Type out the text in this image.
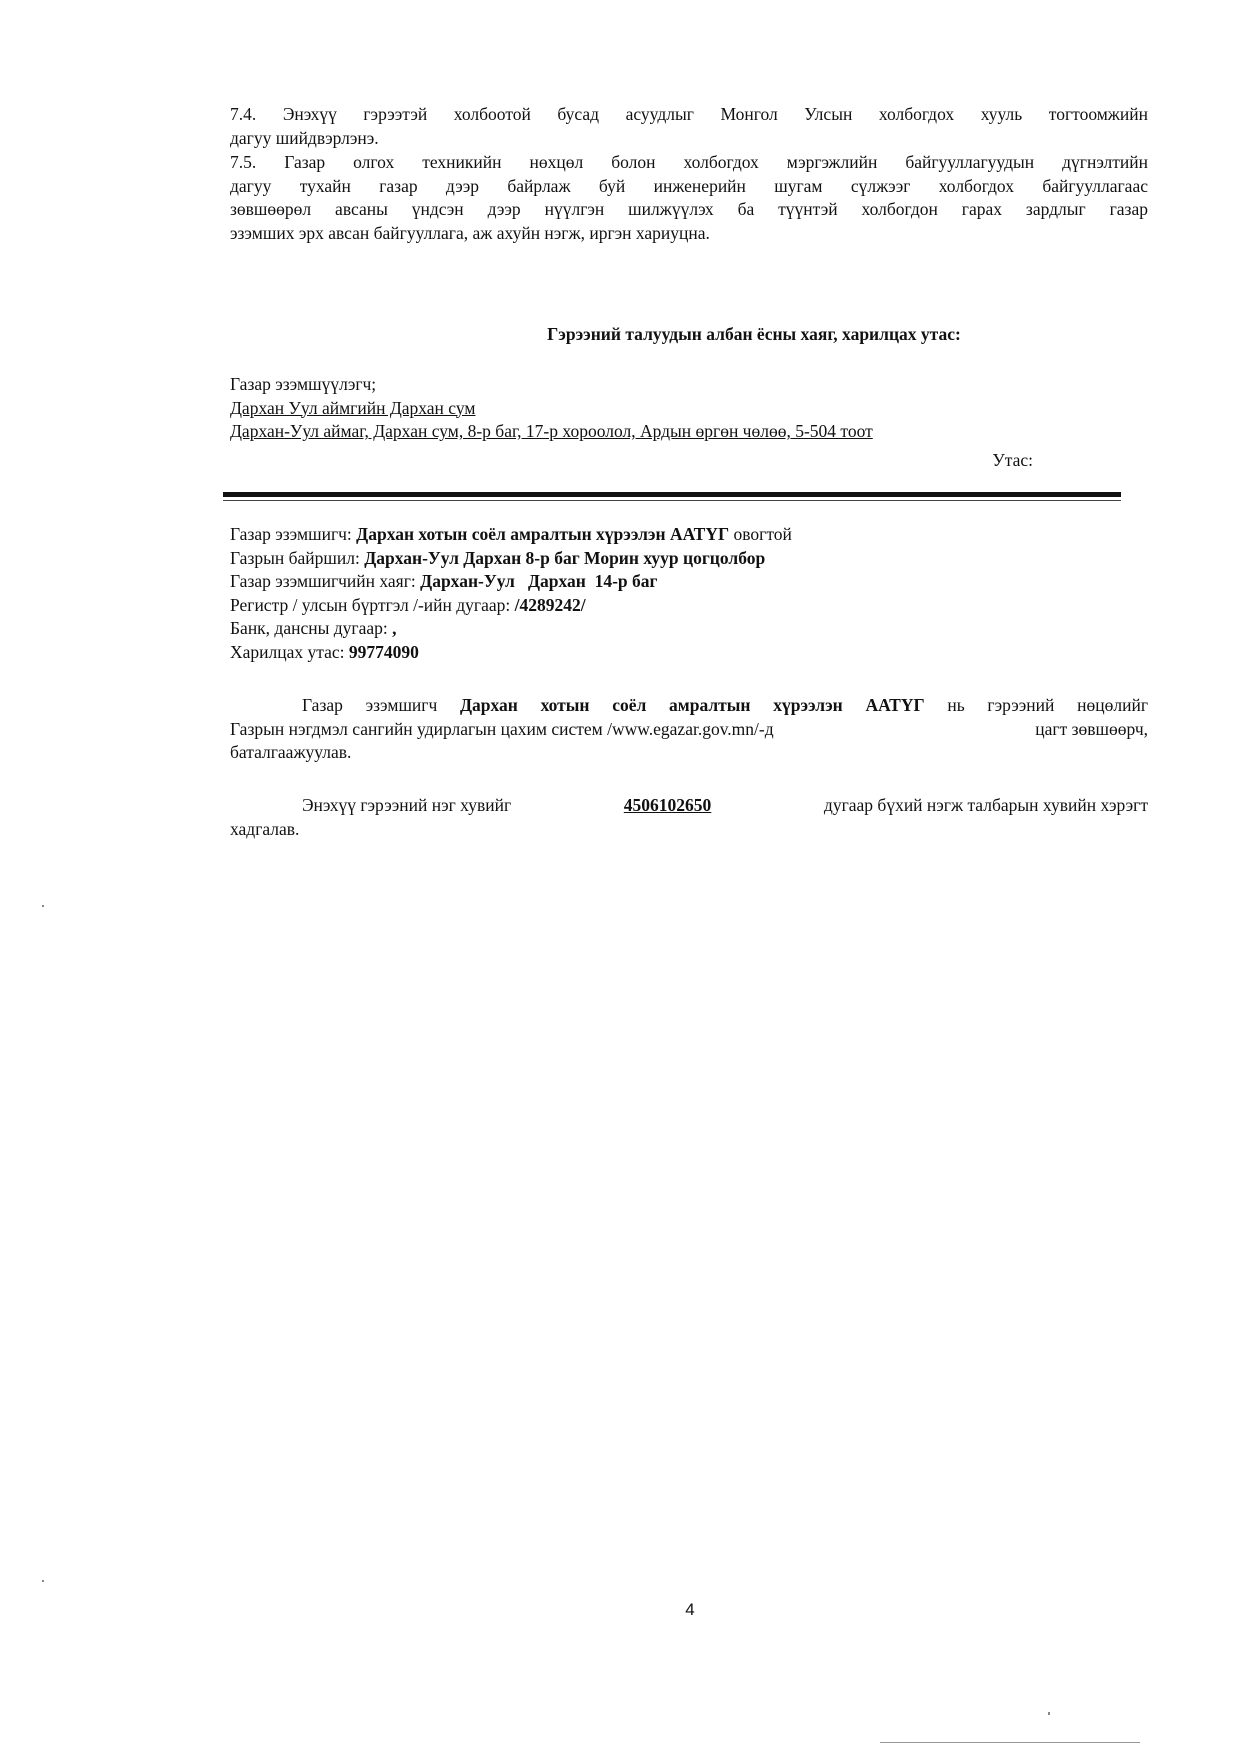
7.4. Энэхүү гэрээтэй холбоотой бусад асуудлыг Монгол Улсын холбогдох хууль тогтоомжийн
дагуу шийдвэрлэнэ.
7.5. Газар олгох техникийн нөхцөл болон холбогдох мэргэжлийн байгууллагуудын дүгнэлтийн
дагуу тухайн газар дээр байрлаж буй инженерийн шугам сүлжээг холбогдох байгууллагаас
зөвшөөрөл авсаны үндсэн дээр нүүлгэн шилжүүлэх ба түүнтэй холбогдон гарах зардлыг газар
эзэмших эрх авсан байгууллага, аж ахуйн нэгж, иргэн хариуцна.
Гэрээний талуудын албан ёсны хаяг, харилцах утас:
Газар эзэмшүүлэгч;
Дархан Уул аймгийн Дархан сум
Дархан-Уул аймаг, Дархан сум, 8-р баг, 17-р хороолол, Ардын өргөн чөлөө, 5-504 тоот
Утас:
Газар эзэмшигч: Дархан хотын соёл амралтын хүрээлэн ААТҮГ овогтой
Газрын байршил: Дархан-Уул Дархан 8-р баг Морин хуур цогцолбор
Газар эзэмшигчийн хаяг: Дархан-Уул   Дархан  14-р баг
Регистр / улсын бүртгэл /-ийн дугаар: /4289242/
Банк, дансны дугаар: ,
Харилцах утас: 99774090
Газар эзэмшигч Дархан хотын соёл амралтын хүрээлэн ААТҮГ нь гэрээний нөцөлийг
Газрын нэгдмэл сангийн удирлагын цахим систем /www.egazar.gov.mn/-д	цагт зөвшөөрч,
баталгаажуулав.
Энэхүү гэрээний нэг хувийг	4506102650	дугаар бүхий нэгж талбарын хувийн хэрэгт
хадгалав.
4
